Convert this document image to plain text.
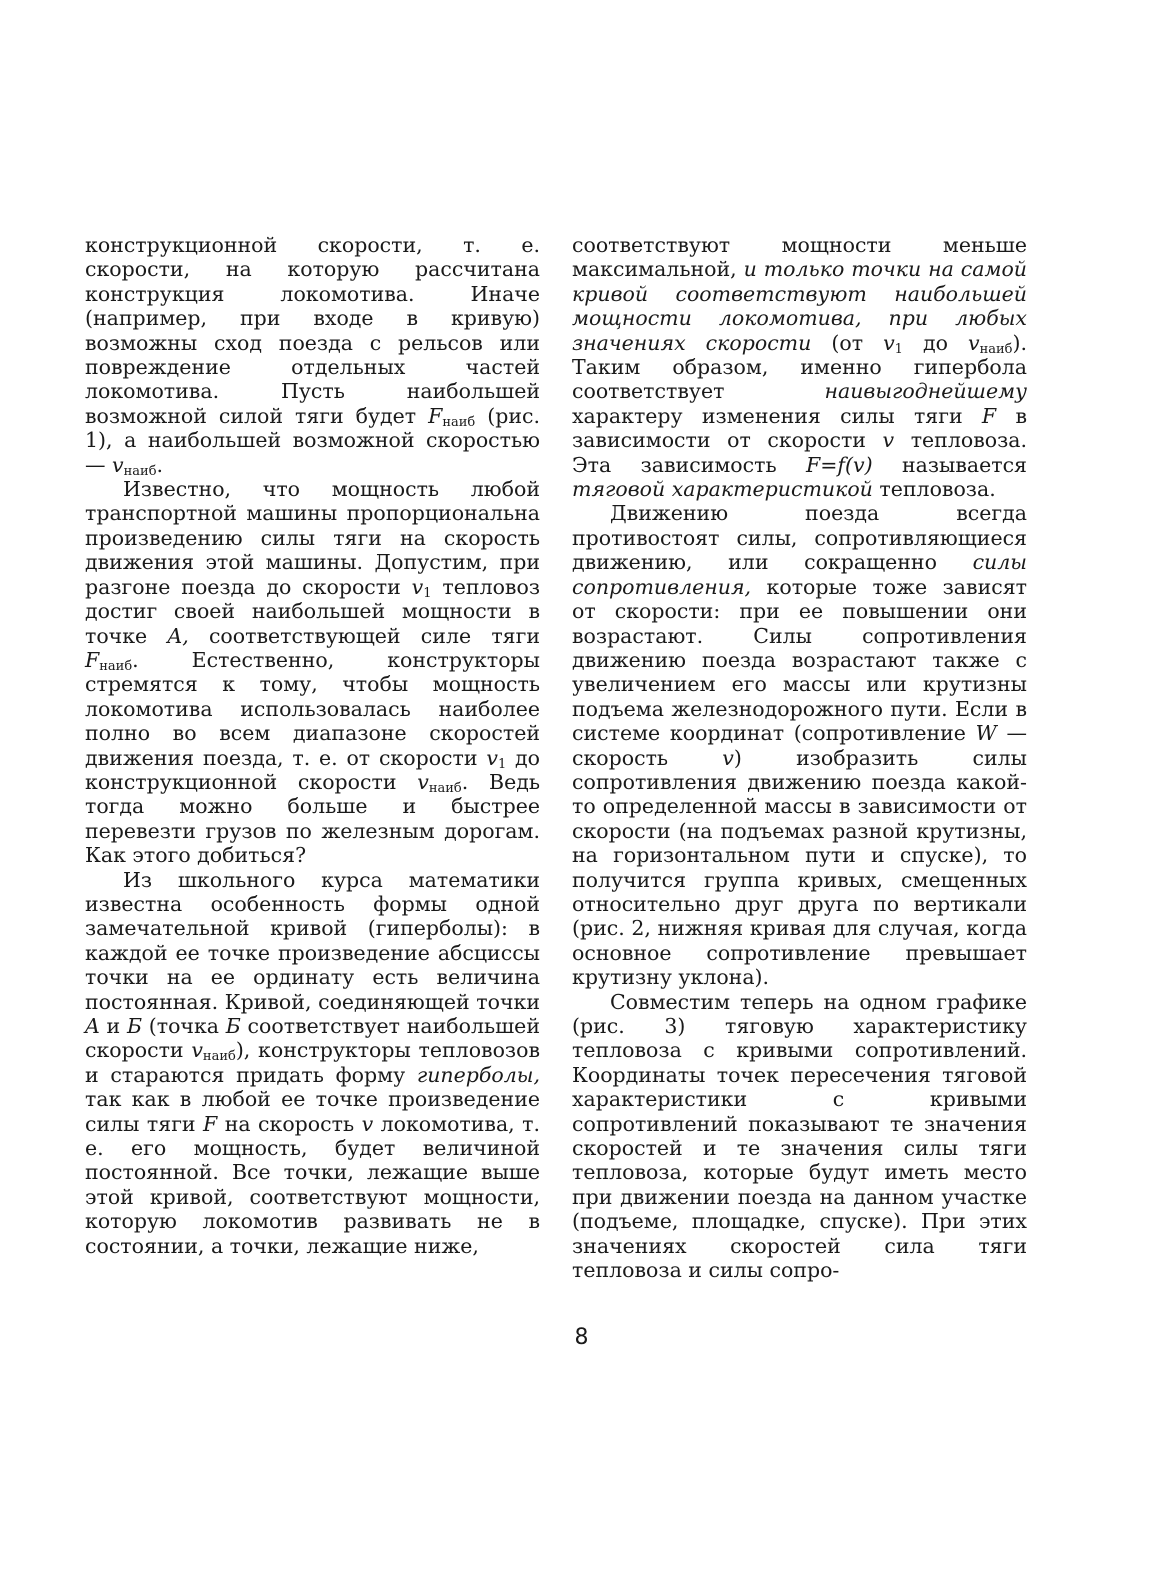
конструкционной скорости, т. е. скорости, на которую рассчитана конструкция локомотива. Иначе (например, при входе в кривую) возможны сход поезда с рельсов или повреждение отдельных частей локомотива. Пусть наибольшей возможной силой тяги будет $F_{наиб}$ (рис. 1), а наибольшей возможной скоростью — $v_{наиб}$.

Известно, что мощность любой транспортной машины пропорциональна произведению силы тяги на скорость движения этой машины. Допустим, при разгоне поезда до скорости $v_1$ тепловоз достиг своей наибольшей мощности в точке A, соответствующей силе тяги $F_{наиб}$. Естественно, конструкторы стремятся к тому, чтобы мощность локомотива использовалась наиболее полно во всем диапазоне скоростей движения поезда, т. е. от скорости $v_1$ до конструкционной скорости $v_{наиб}$. Ведь тогда можно больше и быстрее перевезти грузов по железным дорогам. Как этого добиться?

Из школьного курса математики известна особенность формы одной замечательной кривой (гиперболы): в каждой ее точке произведение абсциссы точки на ее ординату есть величина постоянная. Кривой, соединяющей точки A и Б (точка Б соответствует наибольшей скорости $v_{наиб}$), конструкторы тепловозов и стараются придать форму гиперболы, так как в любой ее точке произведение силы тяги F на скорость v локомотива, т. е. его мощность, будет величиной постоянной. Все точки, лежащие выше этой кривой, соответствуют мощности, которую локомотив развивать не в состоянии, а точки, лежащие ниже,

соответствуют мощности меньше максимальной, и только точки на самой кривой соответствуют наибольшей мощности локомотива, при любых значениях скорости (от $v_1$ до $v_{наиб}$). Таким образом, именно гипербола соответствует наивыгоднейшему характеру изменения силы тяги F в зависимости от скорости v тепловоза. Эта зависимость F=f(v) называется тяговой характеристикой тепловоза.

Движению поезда всегда противостоят силы, сопротивляющиеся движению, или сокращенно силы сопротивления, которые тоже зависят от скорости: при ее повышении они возрастают. Силы сопротивления движению поезда возрастают также с увеличением его массы или крутизны подъема железнодорожного пути. Если в системе координат (сопротивление W — скорость v) изобразить силы сопротивления движению поезда какой-то определенной массы в зависимости от скорости (на подъемах разной крутизны, на горизонтальном пути и спуске), то получится группа кривых, смещенных относительно друг друга по вертикали (рис. 2, нижняя кривая для случая, когда основное сопротивление превышает крутизну уклона).

Совместим теперь на одном графике (рис. 3) тяговую характеристику тепловоза с кривыми сопротивлений. Координаты точек пересечения тяговой характеристики с кривыми сопротивлений показывают те значения скоростей и те значения силы тяги тепловоза, которые будут иметь место при движении поезда на данном участке (подъеме, площадке, спуске). При этих значениях скоростей сила тяги тепловоза и силы сопро-

8
